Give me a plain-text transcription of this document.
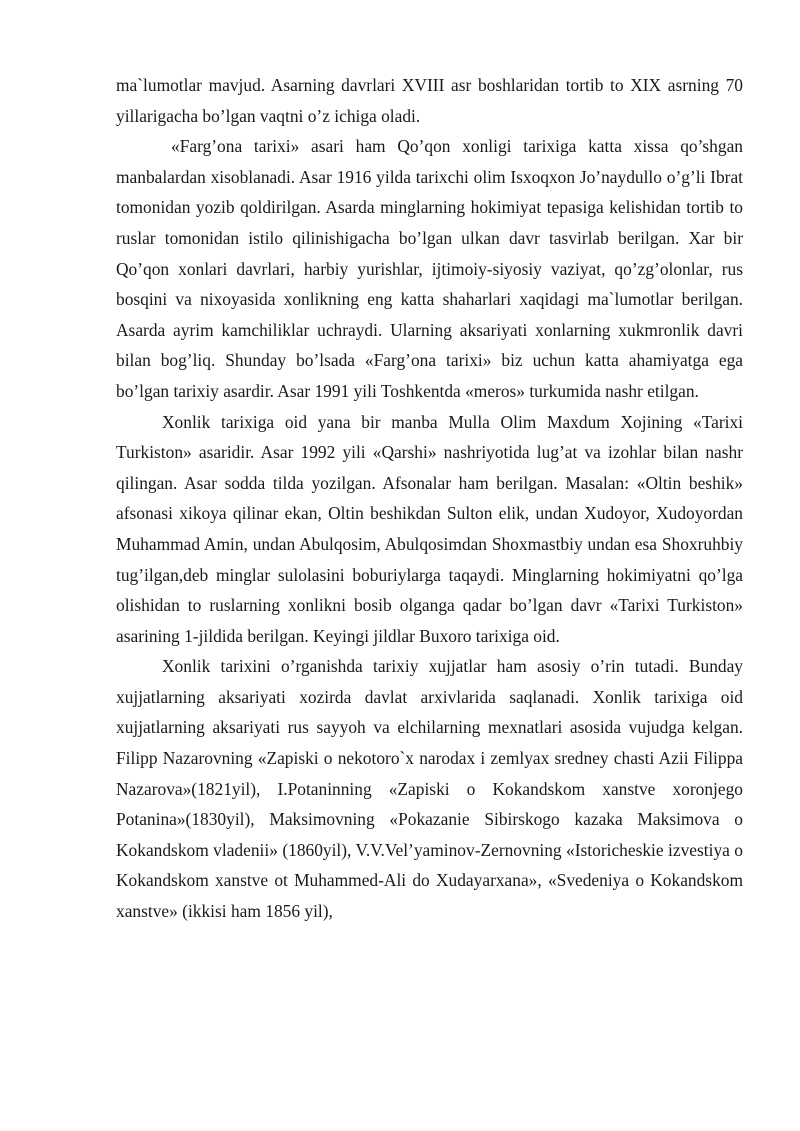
ma`lumotlar mavjud. Asarning davrlari XVIII asr boshlaridan tortib to XIX asrning 70 yillarigacha bo’lgan vaqtni o’z ichiga oladi.

«Farg’ona tarixi» asari ham Qo’qon xonligi tarixiga katta xissa qo’shgan manbalardan xisoblanadi. Asar 1916 yilda tarixchi olim Isxoqxon Jo’naydullo o’g’li Ibrat tomonidan yozib qoldirilgan. Asarda minglarning hokimiyat tepasiga kelishidan tortib to ruslar tomonidan istilo qilinishigacha bo’lgan ulkan davr tasvirlab berilgan. Xar bir Qo’qon xonlari davrlari, harbiy yurishlar, ijtimoiy-siyosiy vaziyat, qo’zg’olonlar, rus bosqini va nixoyasida xonlikning eng katta shaharlari xaqidagi ma`lumotlar berilgan. Asarda ayrim kamchiliklar uchraydi. Ularning aksariyati xonlarning xukmronlik davri bilan bog’liq. Shunday bo’lsada «Farg’ona tarixi» biz uchun katta ahamiyatga ega bo’lgan tarixiy asardir. Asar 1991 yili Toshkentda «meros» turkumida nashr etilgan.

Xonlik tarixiga oid yana bir manba Mulla Olim Maxdum Xojining «Tarixi Turkiston» asaridir. Asar 1992 yili «Qarshi» nashriyotida lug’at va izohlar bilan nashr qilingan. Asar sodda tilda yozilgan. Afsonalar ham berilgan. Masalan: «Oltin beshik» afsonasi xikoya qilinar ekan, Oltin beshikdan Sulton elik, undan Xudoyor, Xudoyordan Muhammad Amin, undan Abulqosim, Abulqosimdan Shoxmastbiy undan esa Shoxruhbiy tug’ilgan,deb minglar sulolasini boburiylarga taqaydi. Minglarning hokimiyatni qo’lga olishidan to ruslarning xonlikni bosib olganga qadar bo’lgan davr «Tarixi Turkiston» asarining 1-jildida berilgan. Keyingi jildlar Buxoro tarixiga oid.

Xonlik tarixini o’rganishda tarixiy xujjatlar ham asosiy o’rin tutadi. Bunday xujjatlarning aksariyati xozirda davlat arxivlarida saqlanadi. Xonlik tarixiga oid xujjatlarning aksariyati rus sayyoh va elchilarning mexnatlari asosida vujudga kelgan. Filipp Nazarovning «Zapiski o nekotoro`x narodax i zemlyax sredney chasti Azii Filippa Nazarova»(1821yil), I.Potaninning «Zapiski o Kokandskom xanstve xoronjego Potanina»(1830yil), Maksimovning «Pokazanie Sibirskogo kazaka Maksimova o Kokandskom vladenii» (1860yil), V.V.Vel’yaminov-Zernovning «Istoricheskie izvestiya o Kokandskom xanstve ot Muhammed-Ali do Xudayarxana», «Svedeniya o Kokandskom xanstve» (ikkisi ham 1856 yil),
